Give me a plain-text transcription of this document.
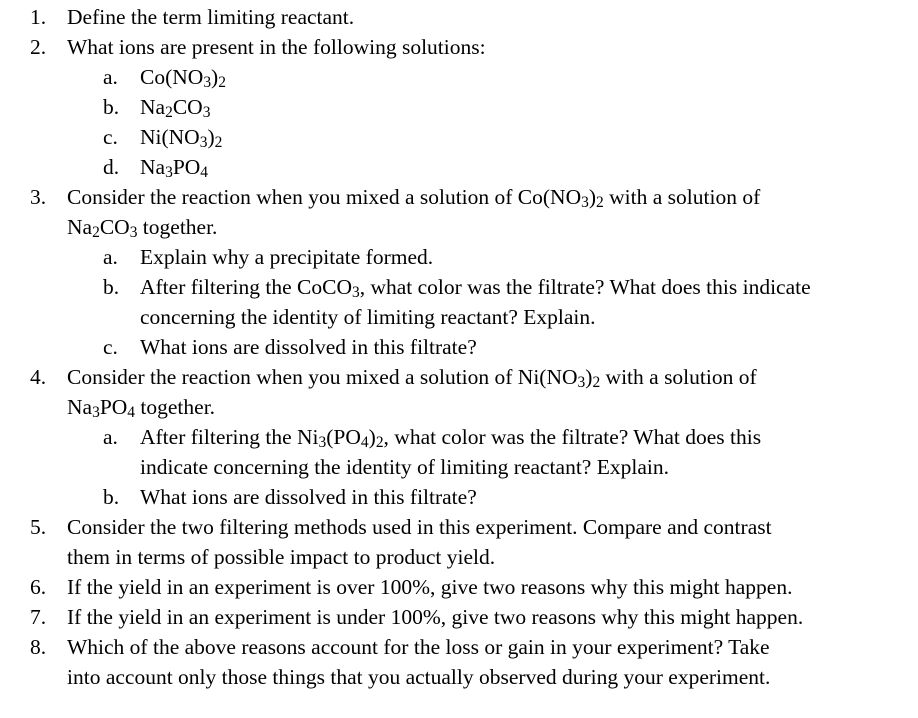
1. Define the term limiting reactant.
2. What ions are present in the following solutions:
a. $Co(NO_3)_2$
b. $Na_2CO_3$
c. $Ni(NO_3)_2$
d. $Na_3PO_4$
3. Consider the reaction when you mixed a solution of $Co(NO_3)_2$ with a solution of
$Na_2CO_3$ together.
a. Explain why a precipitate formed.
b. After filtering the CoCO$_3$, what color was the filtrate? What does this indicate
concerning the identity of limiting reactant? Explain.
c. What ions are dissolved in this filtrate?
4. Consider the reaction when you mixed a solution of $Ni(NO_3)_2$ with a solution of
$Na_3PO_4$ together.
a. After filtering the $Ni_3(PO_4)_2$, what color was the filtrate? What does this
indicate concerning the identity of limiting reactant? Explain.
b. What ions are dissolved in this filtrate?
5. Consider the two filtering methods used in this experiment. Compare and contrast
them in terms of possible impact to product yield.
6. If the yield in an experiment is over 100%, give two reasons why this might happen.
7. If the yield in an experiment is under 100%, give two reasons why this might happen.
8. Which of the above reasons account for the loss or gain in your experiment? Take
into account only those things that you actually observed during your experiment.
